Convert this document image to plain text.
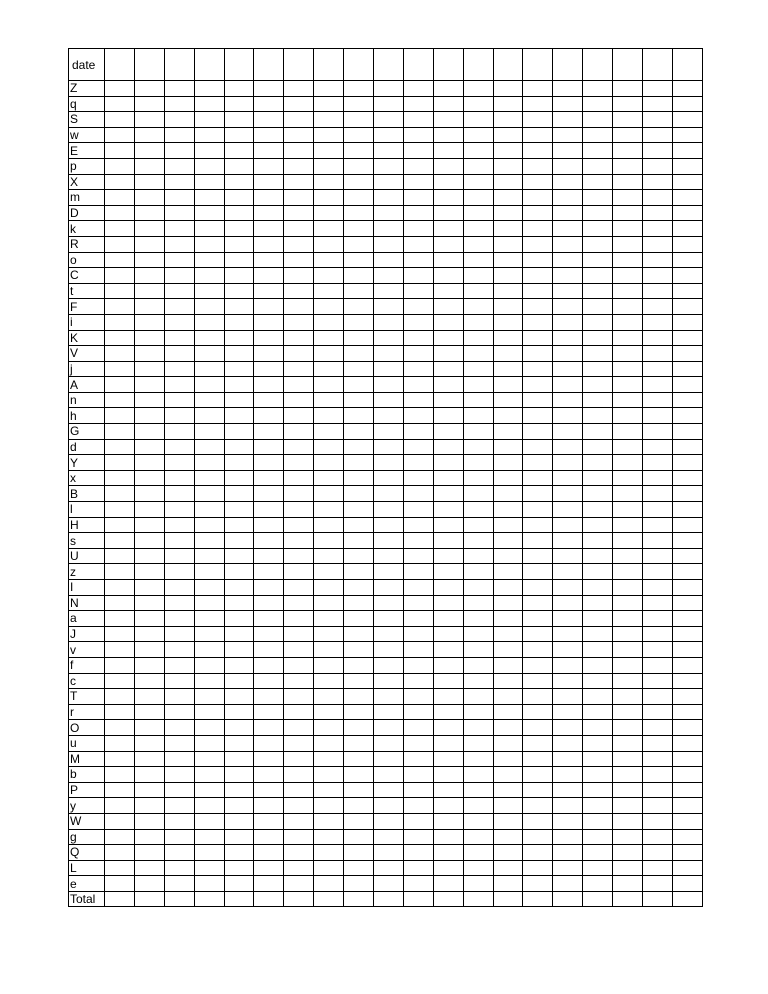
date																				
Z																				
q																				
S																				
w																				
E																				
p																				
X																				
m																				
D																				
k																				
R																				
o																				
C																				
t																				
F																				
i																				
K																				
V																				
j																				
A																				
n																				
h																				
G																				
d																				
Y																				
x																				
B																				
l																				
H																				
s																				
U																				
z																				
I																				
N																				
a																				
J																				
v																				
f																				
c																				
T																				
r																				
O																				
u																				
M																				
b																				
P																				
y																				
W																				
g																				
Q																				
L																				
e																				
Total																				
